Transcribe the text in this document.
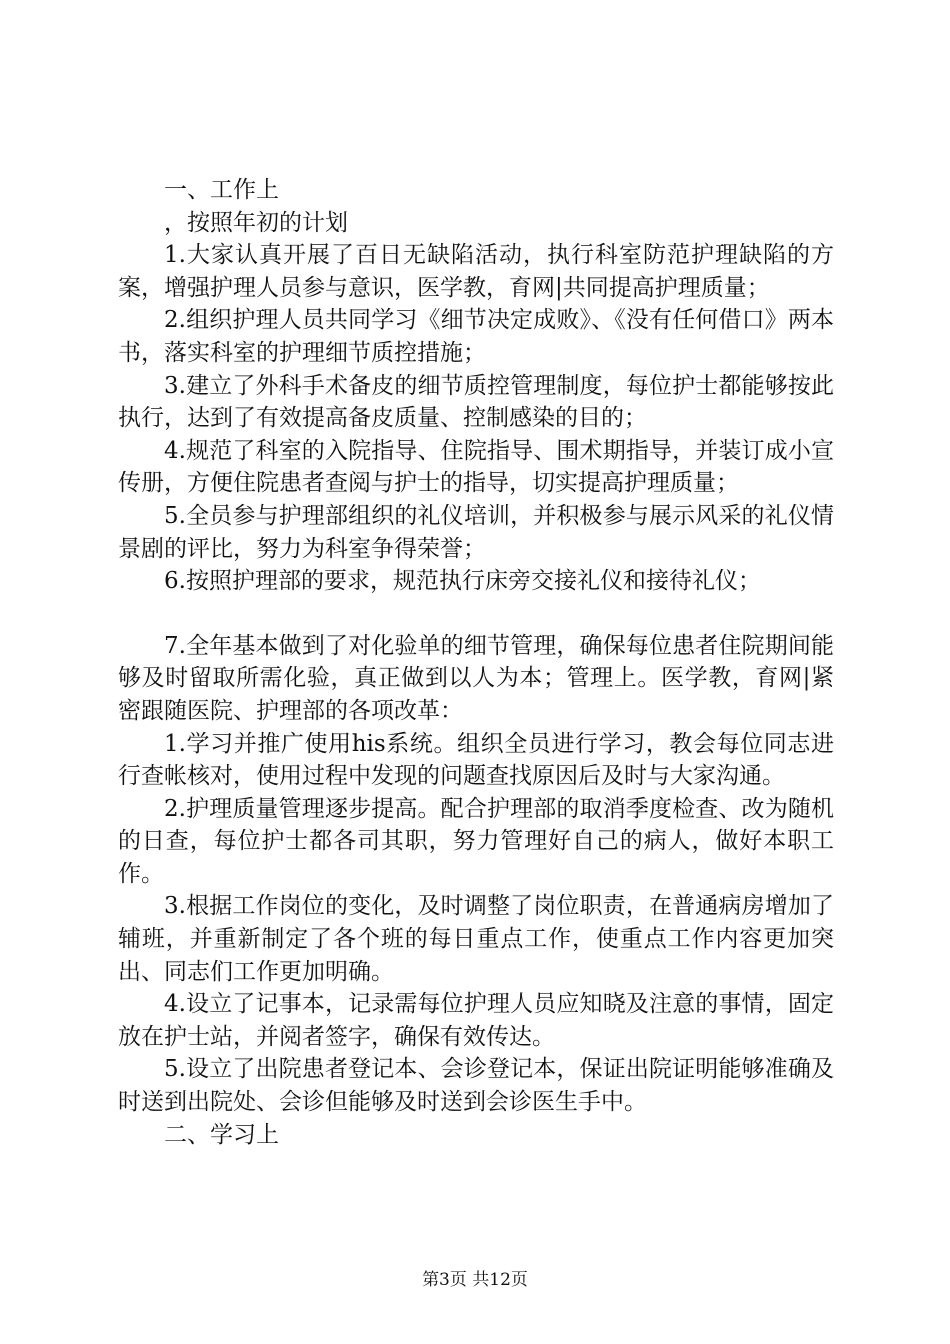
一、工作上

，按照年初的计划

1.大家认真开展了百日无缺陷活动，执行科室防范护理缺陷的方案，增强护理人员参与意识，医学教，育网|共同提高护理质量；

2.组织护理人员共同学习《细节决定成败》、《没有任何借口》两本书，落实科室的护理细节质控措施；

3.建立了外科手术备皮的细节质控管理制度，每位护士都能够按此执行，达到了有效提高备皮质量、控制感染的目的；

4.规范了科室的入院指导、住院指导、围术期指导，并装订成小宣传册，方便住院患者查阅与护士的指导，切实提高护理质量；

5.全员参与护理部组织的礼仪培训，并积极参与展示风采的礼仪情景剧的评比，努力为科室争得荣誉；

6.按照护理部的要求，规范执行床旁交接礼仪和接待礼仪；

7.全年基本做到了对化验单的细节管理，确保每位患者住院期间能够及时留取所需化验，真正做到以人为本；管理上。医学教，育网|紧密跟随医院、护理部的各项改革：

1.学习并推广使用his系统。组织全员进行学习，教会每位同志进行查帐核对，使用过程中发现的问题查找原因后及时与大家沟通。

2.护理质量管理逐步提高。配合护理部的取消季度检查、改为随机的日查，每位护士都各司其职，努力管理好自己的病人，做好本职工作。

3.根据工作岗位的变化，及时调整了岗位职责，在普通病房增加了辅班，并重新制定了各个班的每日重点工作，使重点工作内容更加突出、同志们工作更加明确。

4.设立了记事本，记录需每位护理人员应知晓及注意的事情，固定放在护士站，并阅者签字，确保有效传达。

5.设立了出院患者登记本、会诊登记本，保证出院证明能够准确及时送到出院处、会诊但能够及时送到会诊医生手中。

二、学习上

第3页 共12页
